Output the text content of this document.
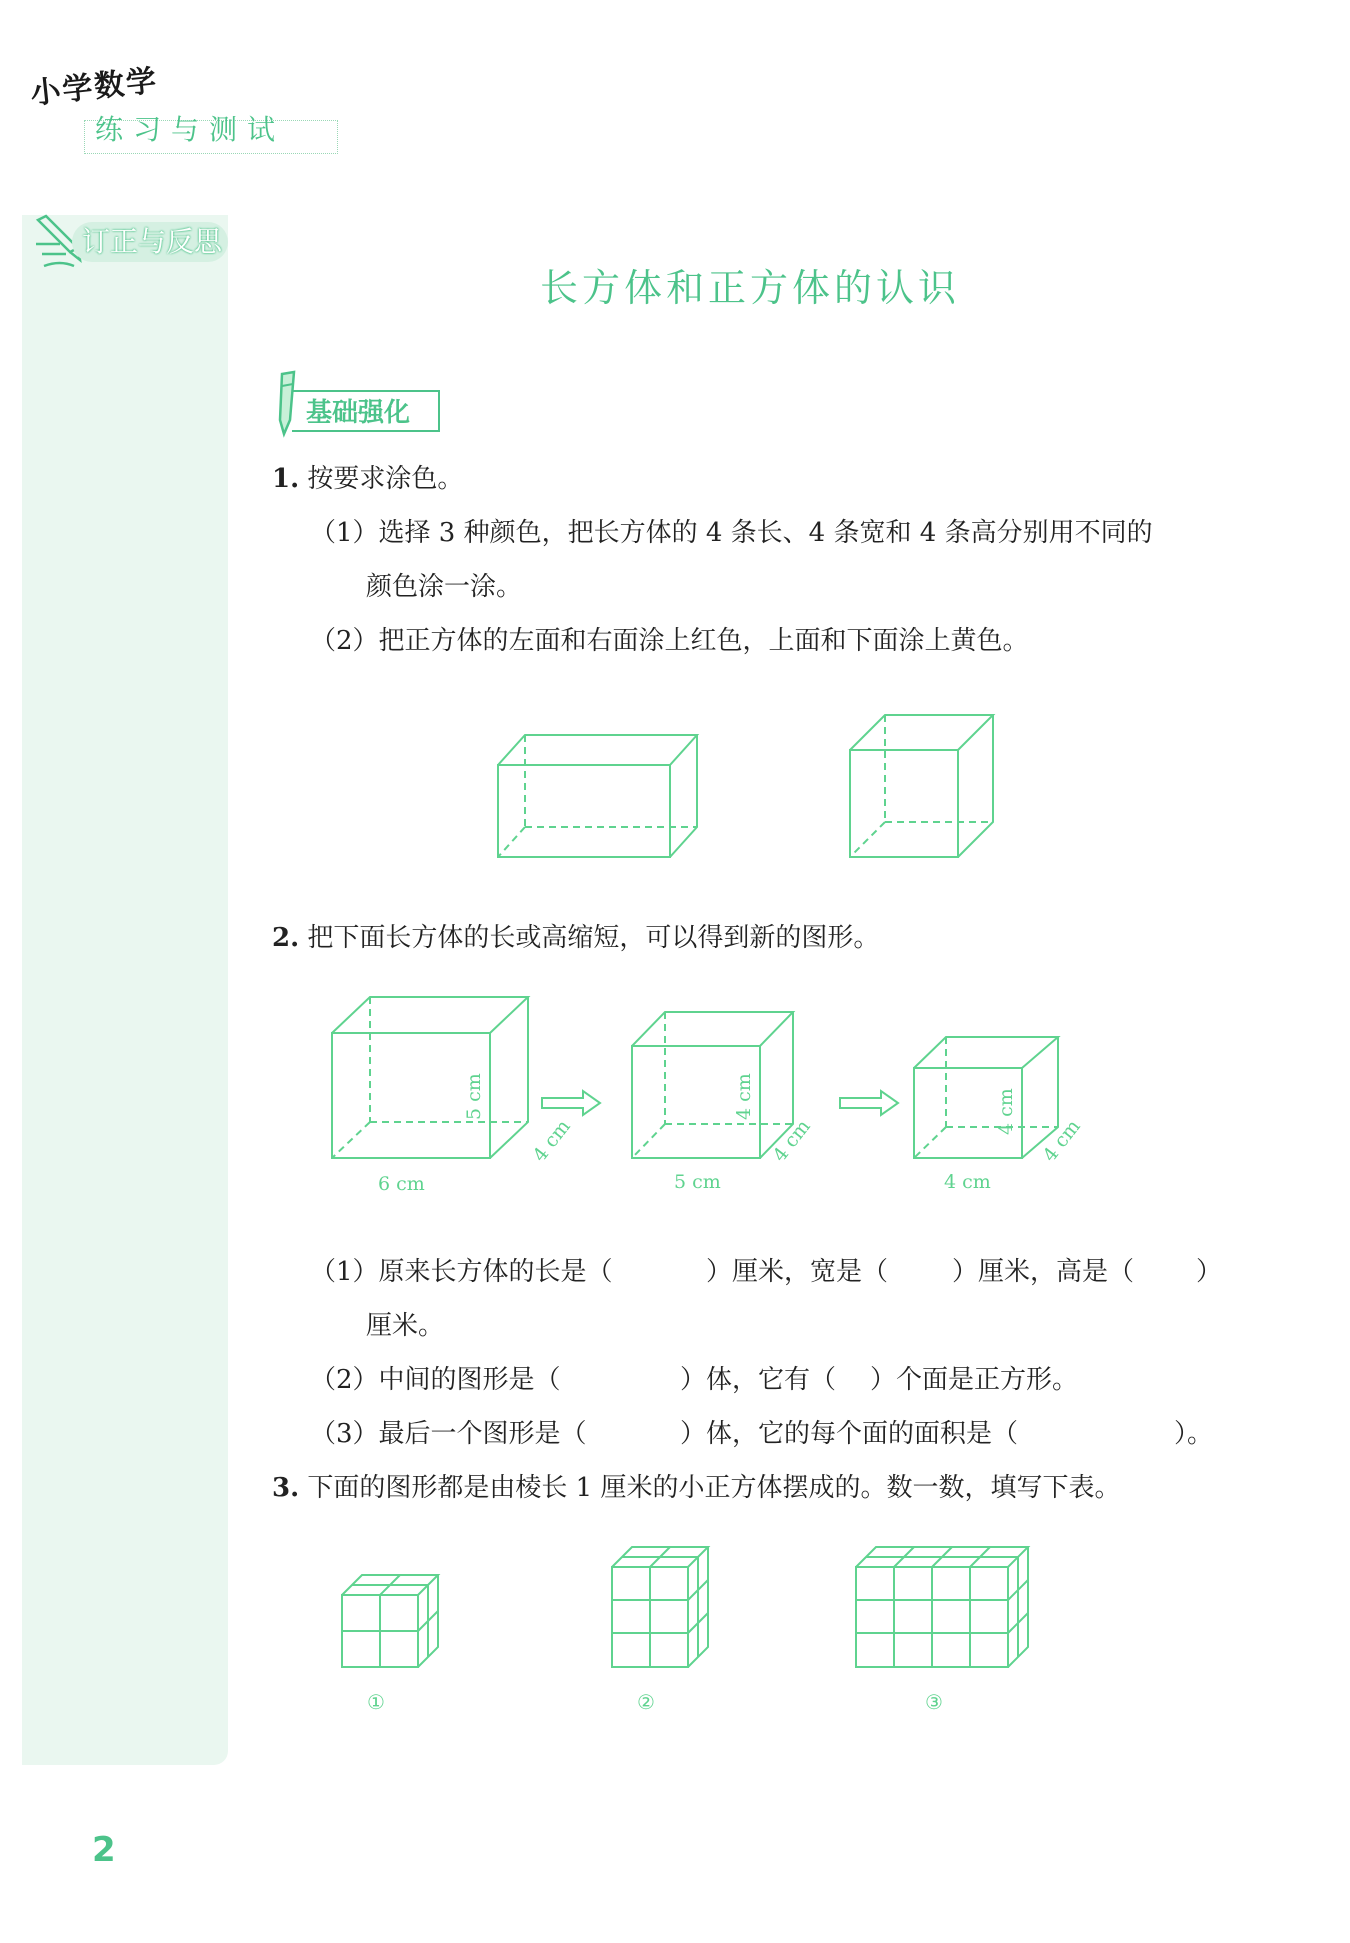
小学数学
练习与测试
订正与反思
长方体和正方体的认识
基础强化
1. 按要求涂色。
（1）选择 3 种颜色，把长方体的 4 条长、4 条宽和 4 条高分别用不同的
颜色涂一涂。
（2）把正方体的左面和右面涂上红色，上面和下面涂上黄色。
2. 把下面长方体的长或高缩短，可以得到新的图形。
6 cm
4 cm
5 cm
5 cm
4 cm
4 cm
4 cm
4 cm
4 cm
（1）原来长方体的长是（	）厘米，宽是（ ）厘米，高是（ ）
厘米。
（2）中间的图形是（	）体，它有（ ）个面是正方形。
（3）最后一个图形是（	）体，它的每个面的面积是（	）。
3. 下面的图形都是由棱长 1 厘米的小正方体摆成的。数一数，填写下表。
①	②	③
2
